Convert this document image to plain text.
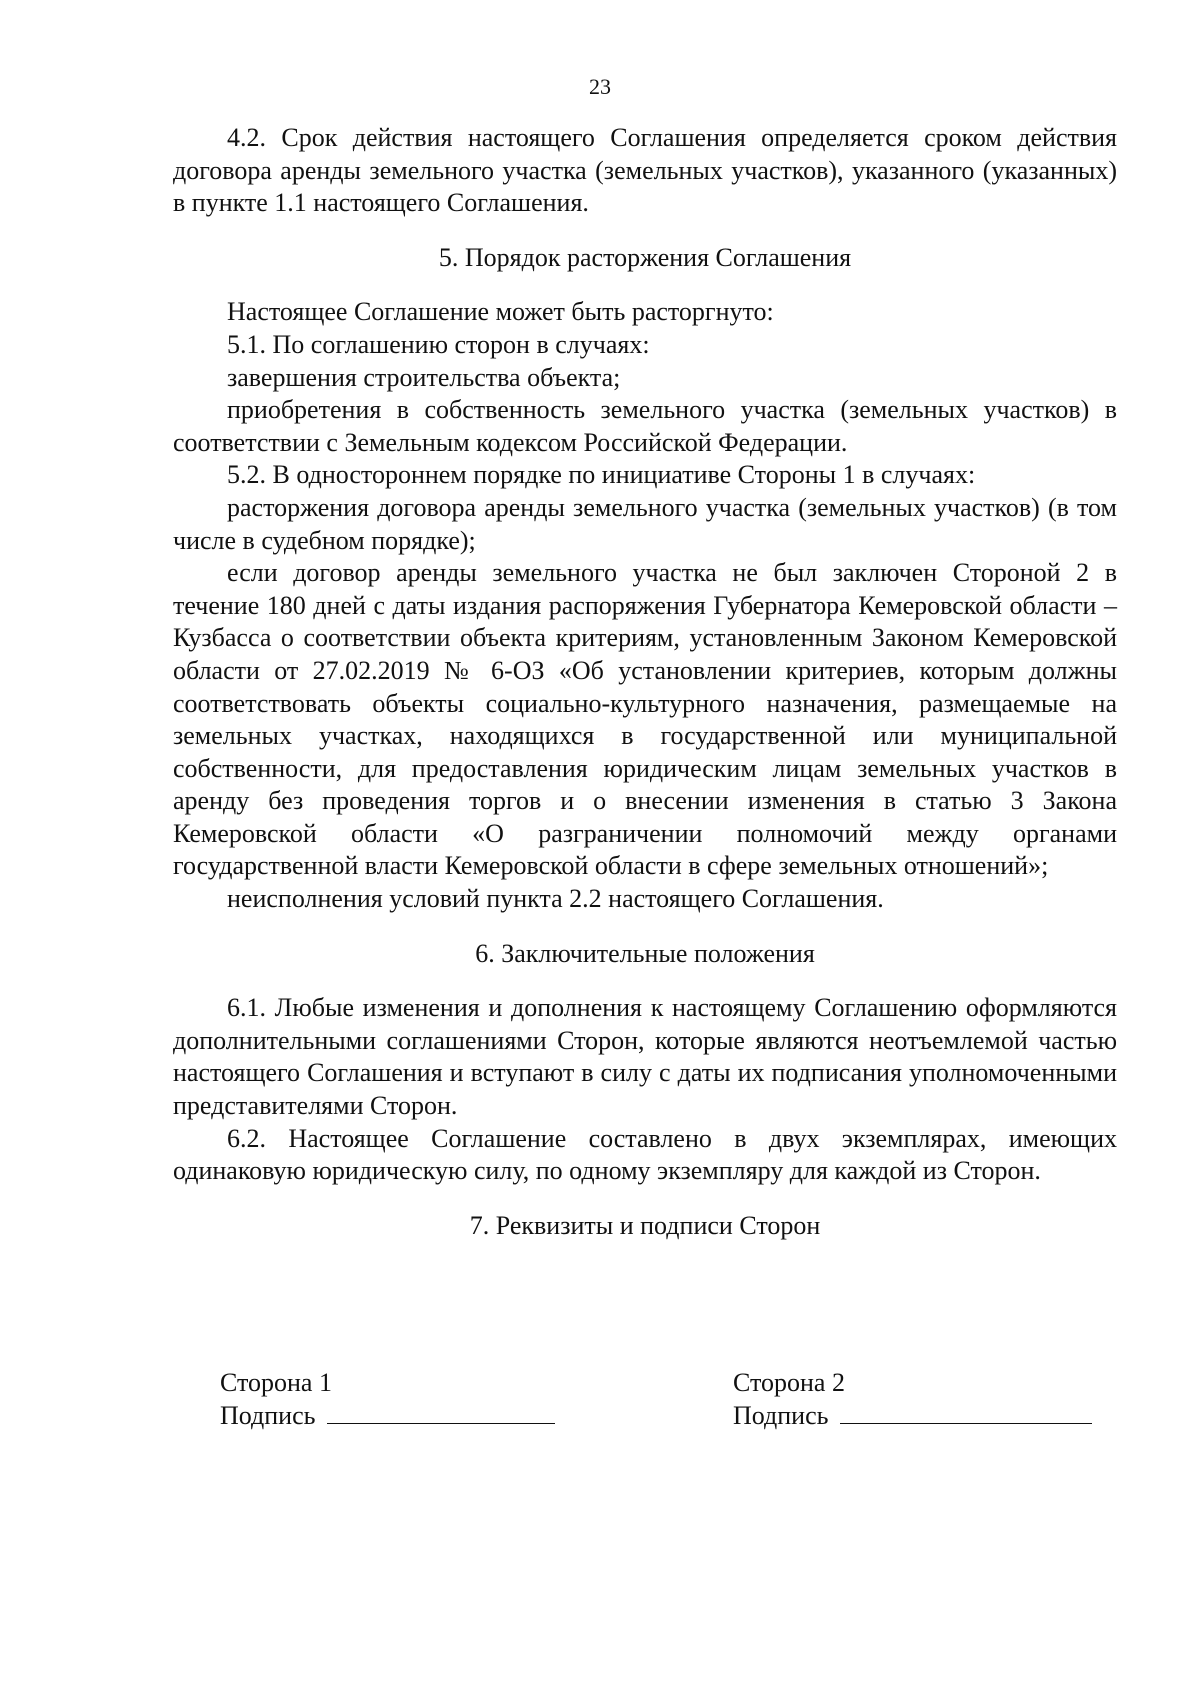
23

4.2. Срок действия настоящего Соглашения определяется сроком действия договора аренды земельного участка (земельных участков), указанного (указанных) в пункте 1.1 настоящего Соглашения.

5. Порядок расторжения Соглашения

Настоящее Соглашение может быть расторгнуто:

5.1. По соглашению сторон в случаях:

завершения строительства объекта;

приобретения в собственность земельного участка (земельных участков) в соответствии с Земельным кодексом Российской Федерации.

5.2. В одностороннем порядке по инициативе Стороны 1 в случаях:

расторжения договора аренды земельного участка (земельных участков) (в том числе в судебном порядке);

если договор аренды земельного участка не был заключен Стороной 2 в течение 180 дней с даты издания распоряжения Губернатора Кемеровской области – Кузбасса о соответствии объекта критериям, установленным Законом Кемеровской области от 27.02.2019 № 6-ОЗ «Об установлении критериев, которым должны соответствовать объекты социально-культурного назначения, размещаемые на земельных участках, находящихся в государственной или муниципальной собственности, для предоставления юридическим лицам земельных участков в аренду без проведения торгов и о внесении изменения в статью 3 Закона Кемеровской области «О разграничении полномочий между органами государственной власти Кемеровской области в сфере земельных отношений»;

неисполнения условий пункта 2.2 настоящего Соглашения.

6. Заключительные положения

6.1. Любые изменения и дополнения к настоящему Соглашению оформляются дополнительными соглашениями Сторон, которые являются неотъемлемой частью настоящего Соглашения и вступают в силу с даты их подписания уполномоченными представителями Сторон.

6.2. Настоящее Соглашение составлено в двух экземплярах, имеющих одинаковую юридическую силу, по одному экземпляру для каждой из Сторон.

7. Реквизиты и подписи Сторон

Сторона 1
Подпись
Сторона 2
Подпись
